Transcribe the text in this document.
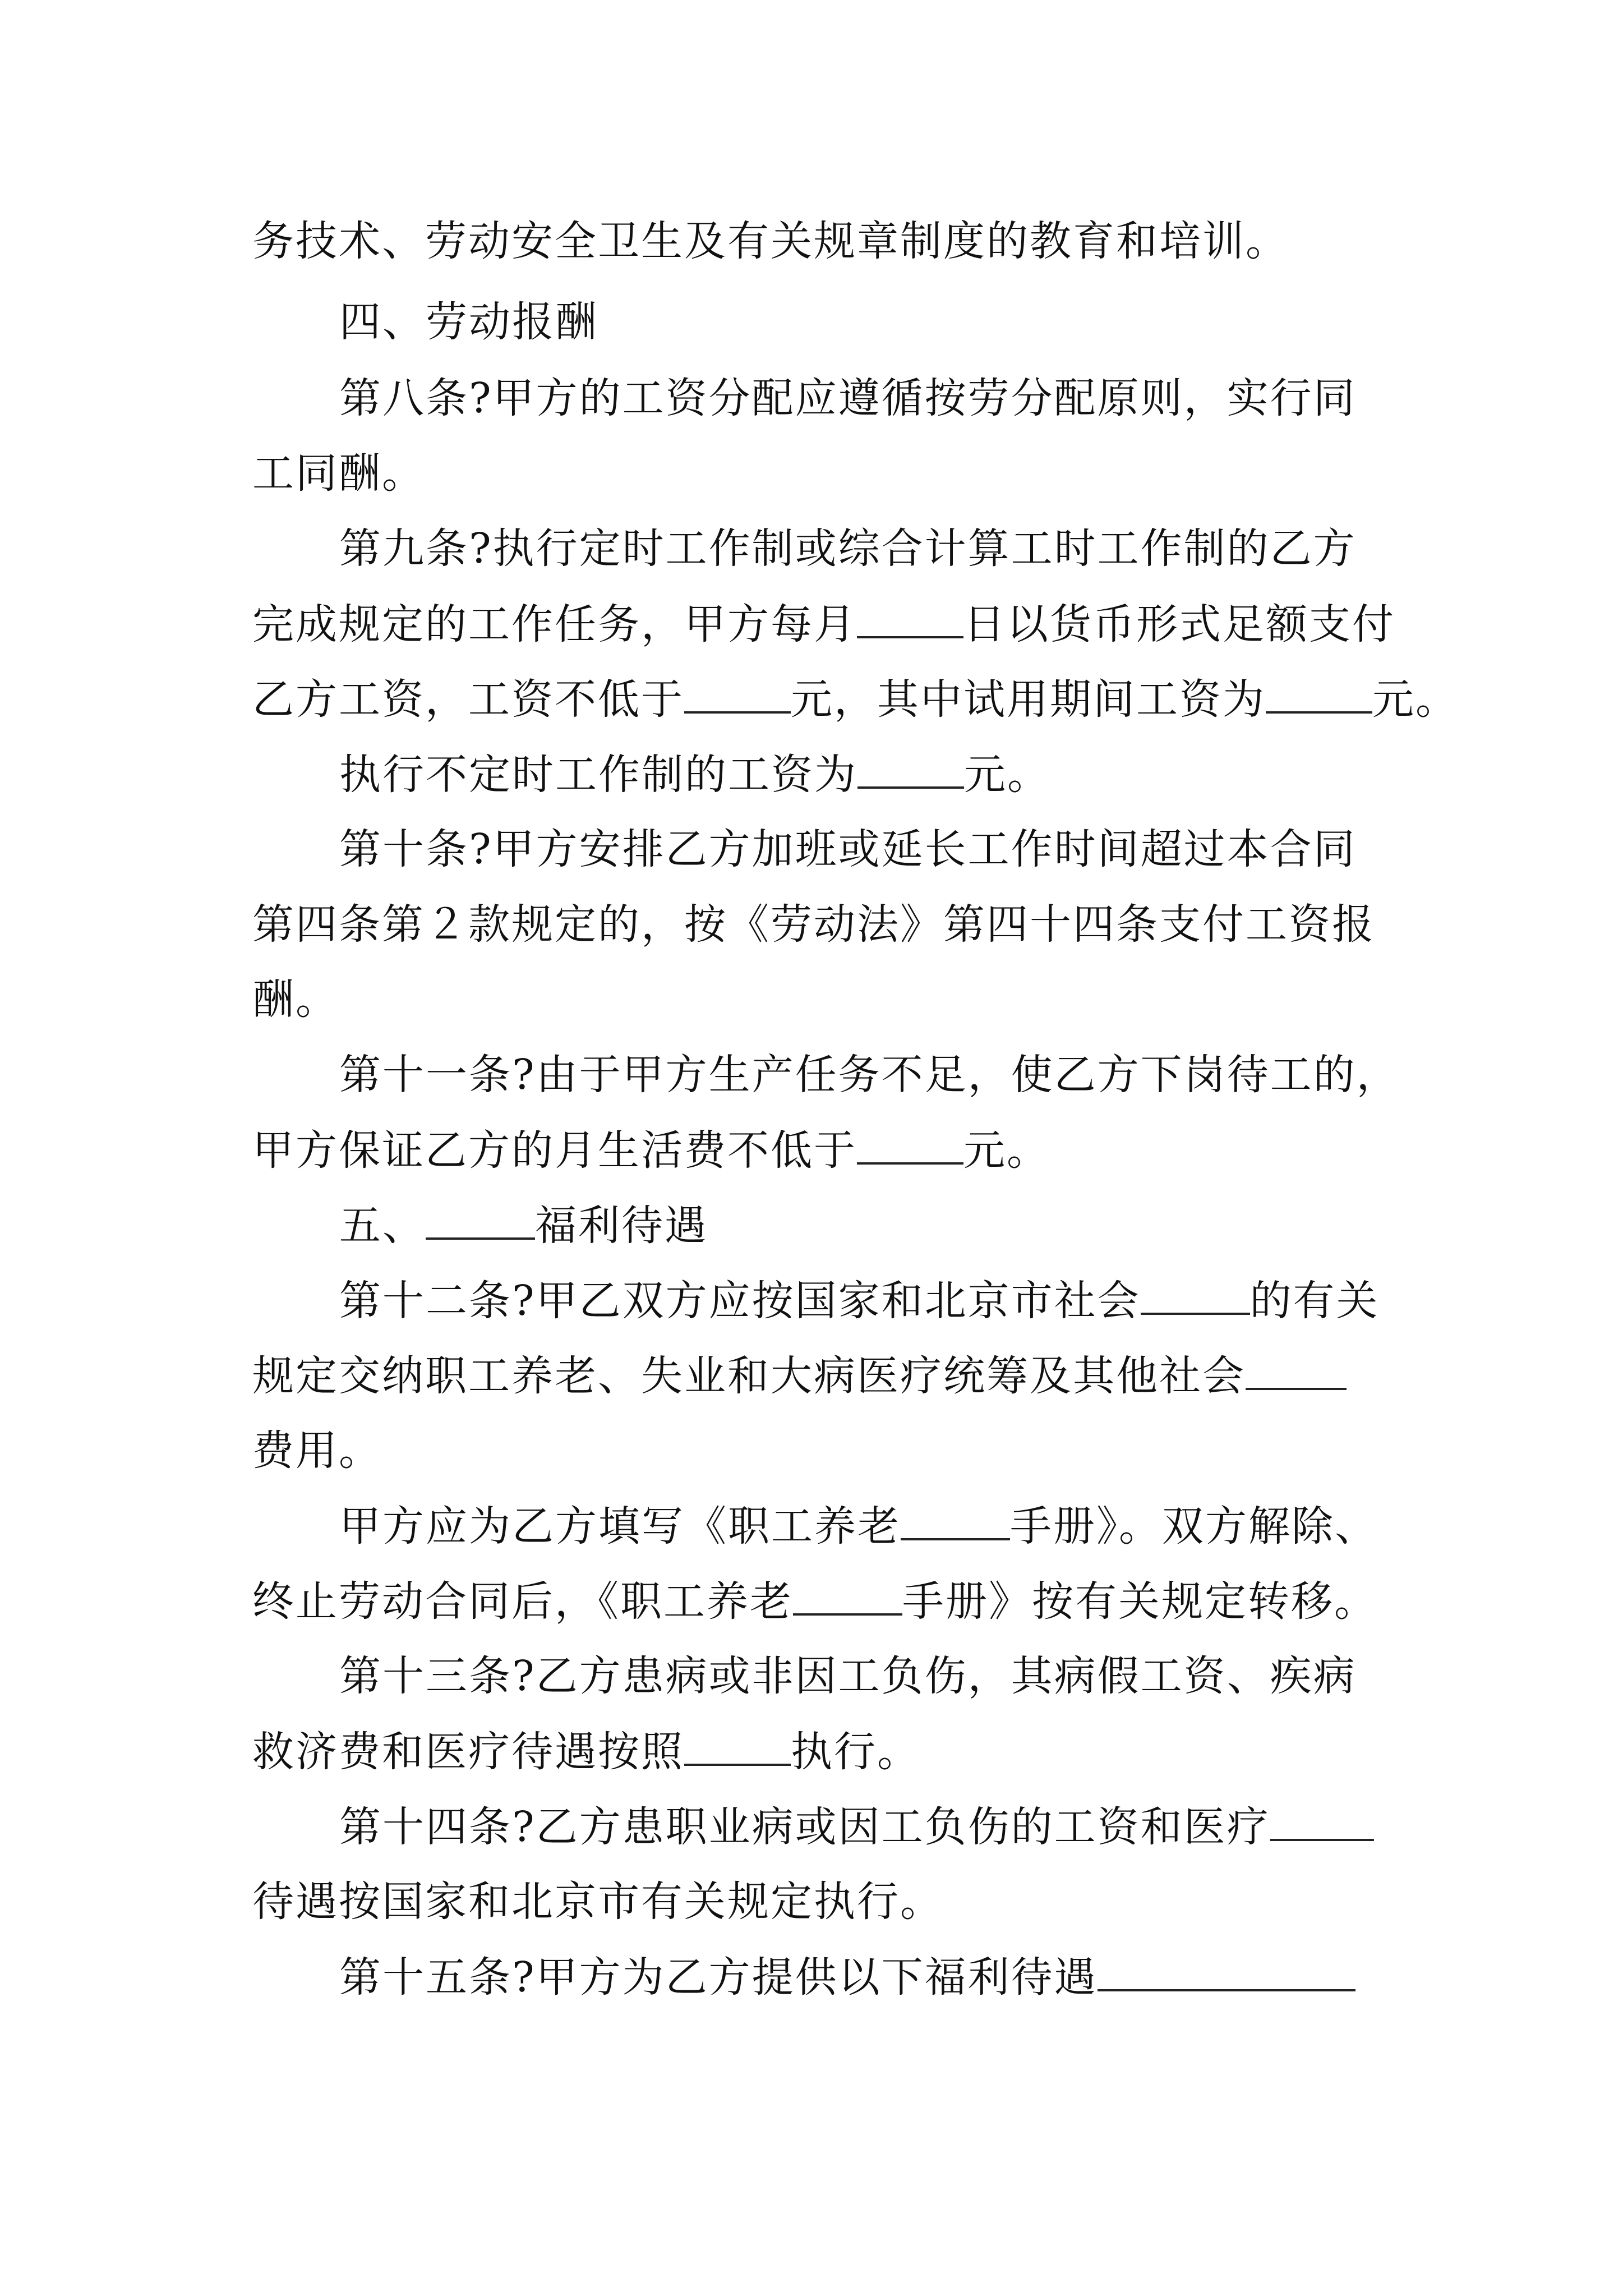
务技术、劳动安全卫生及有关规章制度的教育和培训。
四、劳动报酬
第八条?甲方的工资分配应遵循按劳分配原则，实行同
工同酬。
第九条?执行定时工作制或综合计算工时工作制的乙方
完成规定的工作任务，甲方每月	日以货币形式足额支付
乙方工资，工资不低于	元，其中试用期间工资为	元。
执行不定时工作制的工资为	元。
第十条?甲方安排乙方加班或延长工作时间超过本合同
第四条第２款规定的，按《劳动法》第四十四条支付工资报
酬。
第十一条?由于甲方生产任务不足，使乙方下岗待工的，
甲方保证乙方的月生活费不低于	元。
五、	福利待遇
第十二条?甲乙双方应按国家和北京市社会	的有关
规定交纳职工养老、失业和大病医疗统筹及其他社会
费用。
甲方应为乙方填写《职工养老	手册》。双方解除、
终止劳动合同后，《职工养老	手册》按有关规定转移。
第十三条?乙方患病或非因工负伤，其病假工资、疾病
救济费和医疗待遇按照	执行。
第十四条?乙方患职业病或因工负伤的工资和医疗
待遇按国家和北京市有关规定执行。
第十五条?甲方为乙方提供以下福利待遇
